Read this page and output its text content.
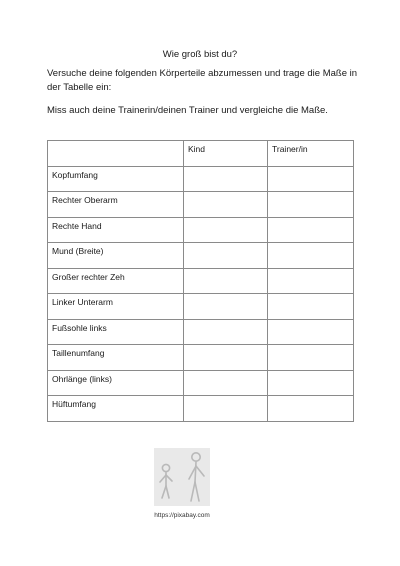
Wie groß bist du?
Versuche deine folgenden Körperteile abzumessen und trage die Maße in der Tabelle ein:
Miss auch deine Trainerin/deinen Trainer und vergleiche die Maße.
	Kind	Trainer/in
Kopfumfang		
Rechter Oberarm		
Rechte Hand		
Mund (Breite)		
Großer rechter Zeh		
Linker Unterarm		
Fußsohle links		
Taillenumfang		
Ohrlänge (links)		
Hüftumfang		
https://pixabay.com
